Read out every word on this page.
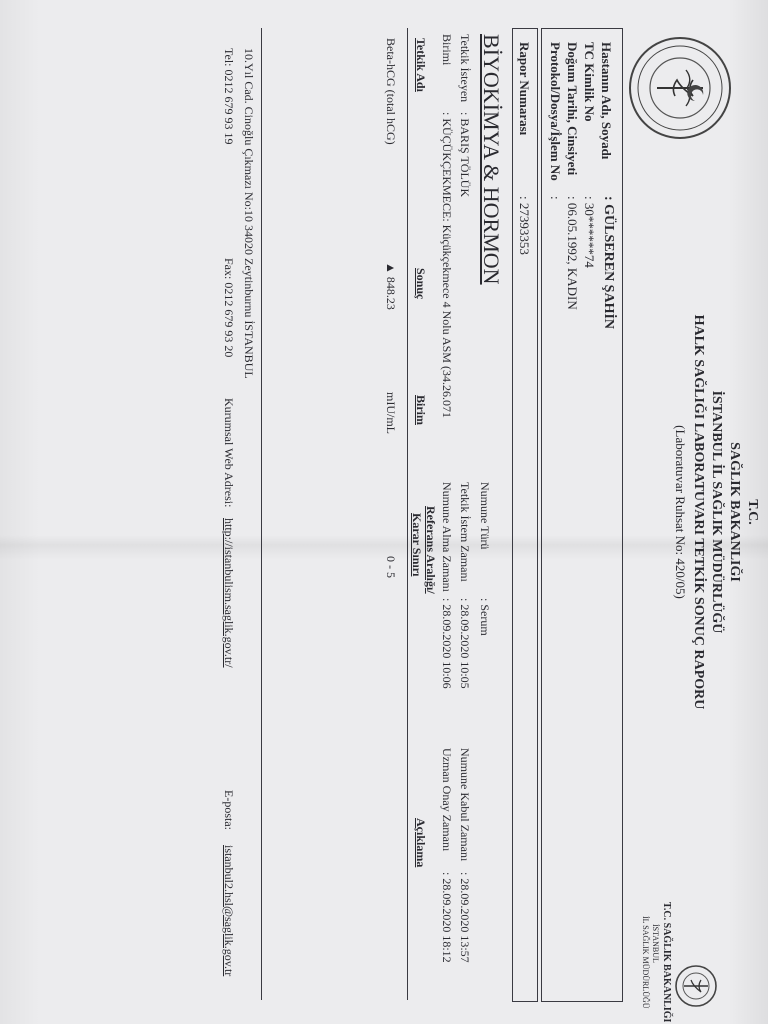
T.C.
SAĞLIK BAKANLIĞI
İSTANBUL İL SAĞLIK MÜDÜRLÜĞÜ
HALK SAĞLIĞI LABORATUVARI TETKİK SONUÇ RAPORU
(Laboratuvar Ruhsat No: 420/05)
T.C. SAĞLIK BAKANLIĞI
İSTANBUL
İL SAĞLIK MÜDÜRLÜĞÜ
Hastanın Adı, Soyadı
: GÜLSEREN ŞAHİN
TC Kimlik No
: 30******74
Doğum Tarihi, Cinsiyeti
: 06.05.1992, KADIN
Protokol/Dosya/İşlem No
:
Rapor Numarası
: 27393353
BİYOKİMYA & HORMON
Tetkik İsteyen
: BARIŞ TÖLÜK
Birimi
: KÜÇÜKÇEKMECE: Küçükçekmece 4 Nolu ASM (34.26.071
Numune Türü
: Serum
Tetkik İstem Zamanı
: 28.09.2020 10:05
Numune Alma Zamanı
: 28.09.2020 10:06
Numune Kabul Zamanı
: 28.09.2020 13:57
Uzman Onay Zamanı
: 28.09.2020 18:12
Tetkik Adı
Sonuç
Birim
Referans Aralığı/
Karar Sınırı
Açıklama
Beta-hCG (total hCG)
▲ 848.23
mIU/mL
0 - 5
10.Yıl Cad. Cinoğlu Çıkmazı No:10 34020 Zeytinburnu İSTANBUL
Tel: 0212 679 93 19
Fax: 0212 679 93 20
Kurumsal Web Adresi:
http://istanbulism.saglik.gov.tr/
E-posta:
istanbul2.hsl@saglik.gov.tr
